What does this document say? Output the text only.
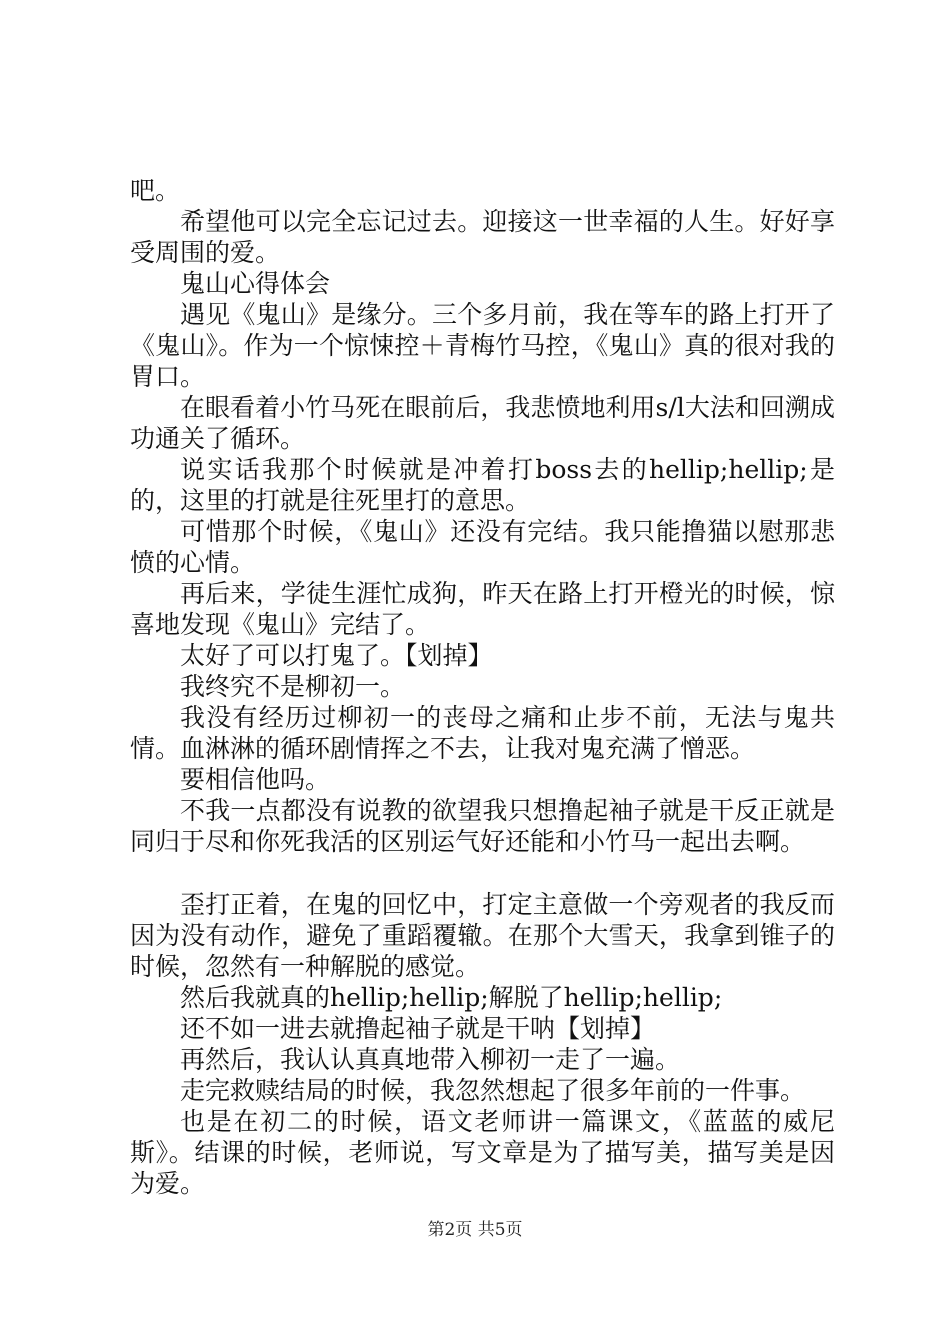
吧。

希望他可以完全忘记过去。迎接这一世幸福的人生。好好享受周围的爱。

鬼山心得体会

遇见《鬼山》是缘分。三个多月前，我在等车的路上打开了《鬼山》。作为一个惊悚控＋青梅竹马控，《鬼山》真的很对我的胃口。

在眼看着小竹马死在眼前后，我悲愤地利用s/l大法和回溯成功通关了循环。

说实话我那个时候就是冲着打boss去的hellip;hellip;是的，这里的打就是往死里打的意思。

可惜那个时候，《鬼山》还没有完结。我只能撸猫以慰那悲愤的心情。

再后来，学徒生涯忙成狗，昨天在路上打开橙光的时候，惊喜地发现《鬼山》完结了。

太好了可以打鬼了。【划掉】

我终究不是柳初一。

我没有经历过柳初一的丧母之痛和止步不前，无法与鬼共情。血淋淋的循环剧情挥之不去，让我对鬼充满了憎恶。

要相信他吗。

不我一点都没有说教的欲望我只想撸起袖子就是干反正就是同归于尽和你死我活的区别运气好还能和小竹马一起出去啊。

歪打正着，在鬼的回忆中，打定主意做一个旁观者的我反而因为没有动作，避免了重蹈覆辙。在那个大雪天，我拿到锥子的时候，忽然有一种解脱的感觉。

然后我就真的hellip;hellip;解脱了hellip;hellip;

还不如一进去就撸起袖子就是干呐【划掉】

再然后，我认认真真地带入柳初一走了一遍。

走完救赎结局的时候，我忽然想起了很多年前的一件事。

也是在初二的时候，语文老师讲一篇课文，《蓝蓝的威尼斯》。结课的时候，老师说，写文章是为了描写美，描写美是因为爱。

第2页 共5页
